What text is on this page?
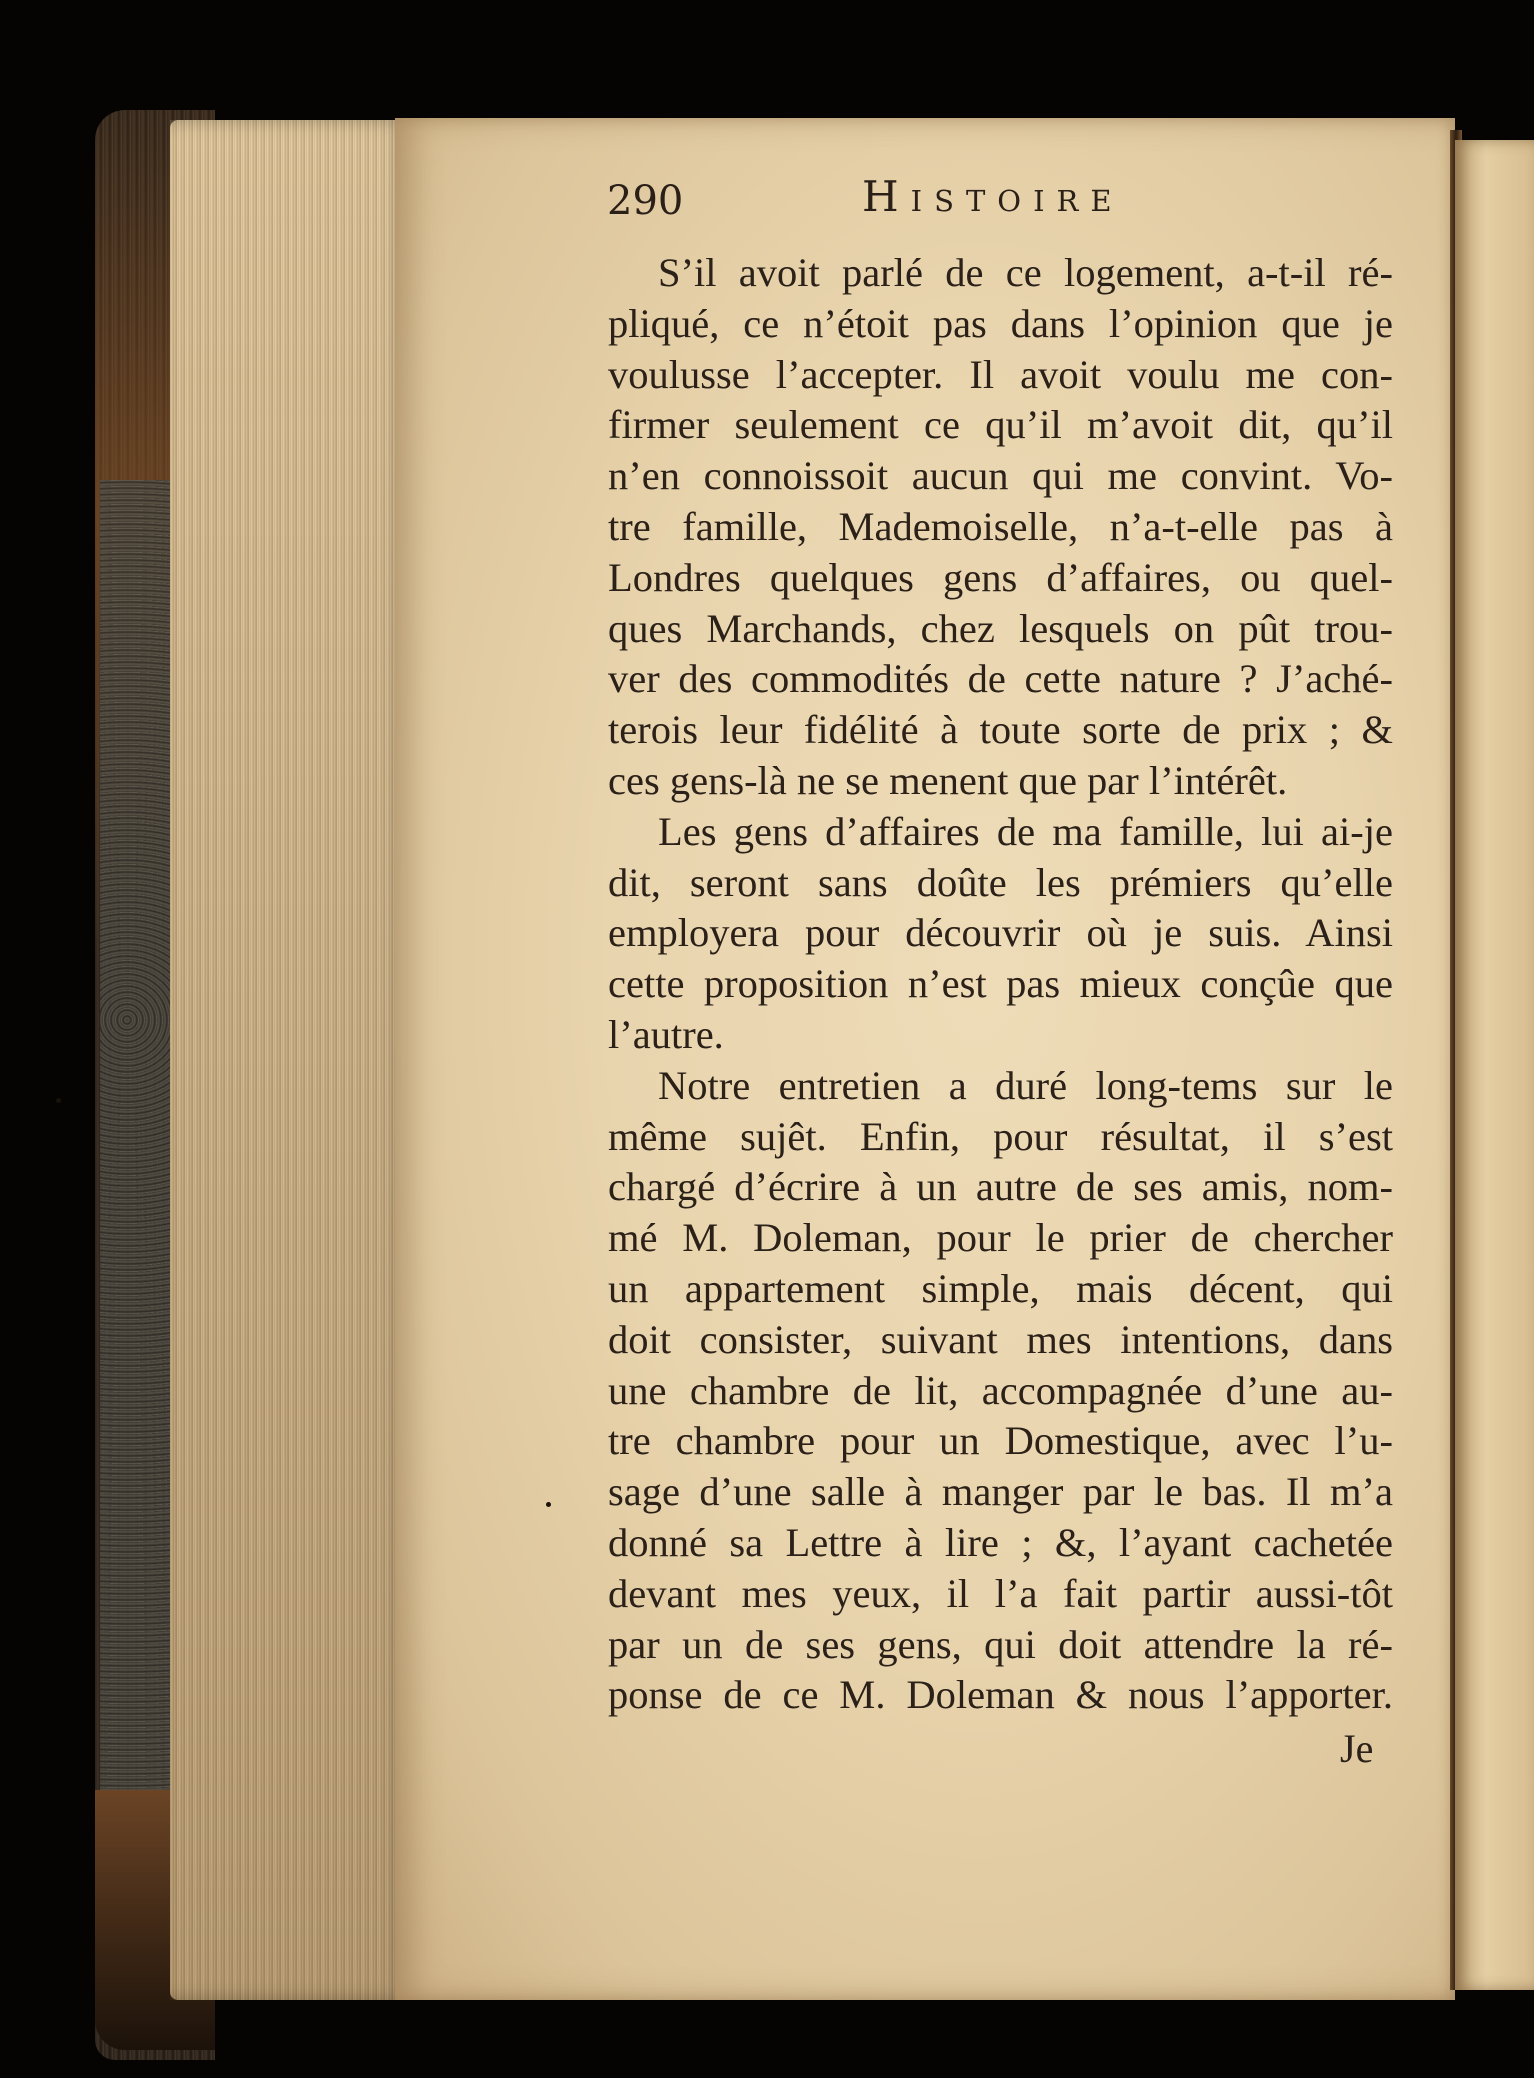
290	Histoire
S’il avoit parlé de ce logement, a-t-il ré-
pliqué, ce n’étoit pas dans l’opinion que je
voulusse l’accepter. Il avoit voulu me con-
firmer seulement ce qu’il m’avoit dit, qu’il
n’en connoissoit aucun qui me convint. Vo-
tre famille, Mademoiselle, n’a-t-elle pas à
Londres quelques gens d’affaires, ou quel-
ques Marchands, chez lesquels on pût trou-
ver des commodités de cette nature ? J’aché-
terois leur fidélité à toute sorte de prix ; &
ces gens-là ne se menent que par l’intérêt.
Les gens d’affaires de ma famille, lui ai-je
dit, seront sans doûte les prémiers qu’elle
employera pour découvrir où je suis. Ainsi
cette proposition n’est pas mieux conçûe que
l’autre.
Notre entretien a duré long-tems sur le
même sujêt. Enfin, pour résultat, il s’est
chargé d’écrire à un autre de ses amis, nom-
mé M. Doleman, pour le prier de chercher
un appartement simple, mais décent, qui
doit consister, suivant mes intentions, dans
une chambre de lit, accompagnée d’une au-
tre chambre pour un Domestique, avec l’u-
sage d’une salle à manger par le bas. Il m’a
donné sa Lettre à lire ; &, l’ayant cachetée
devant mes yeux, il l’a fait partir aussi-tôt
par un de ses gens, qui doit attendre la ré-
ponse de ce M. Doleman & nous l’apporter.
Je
